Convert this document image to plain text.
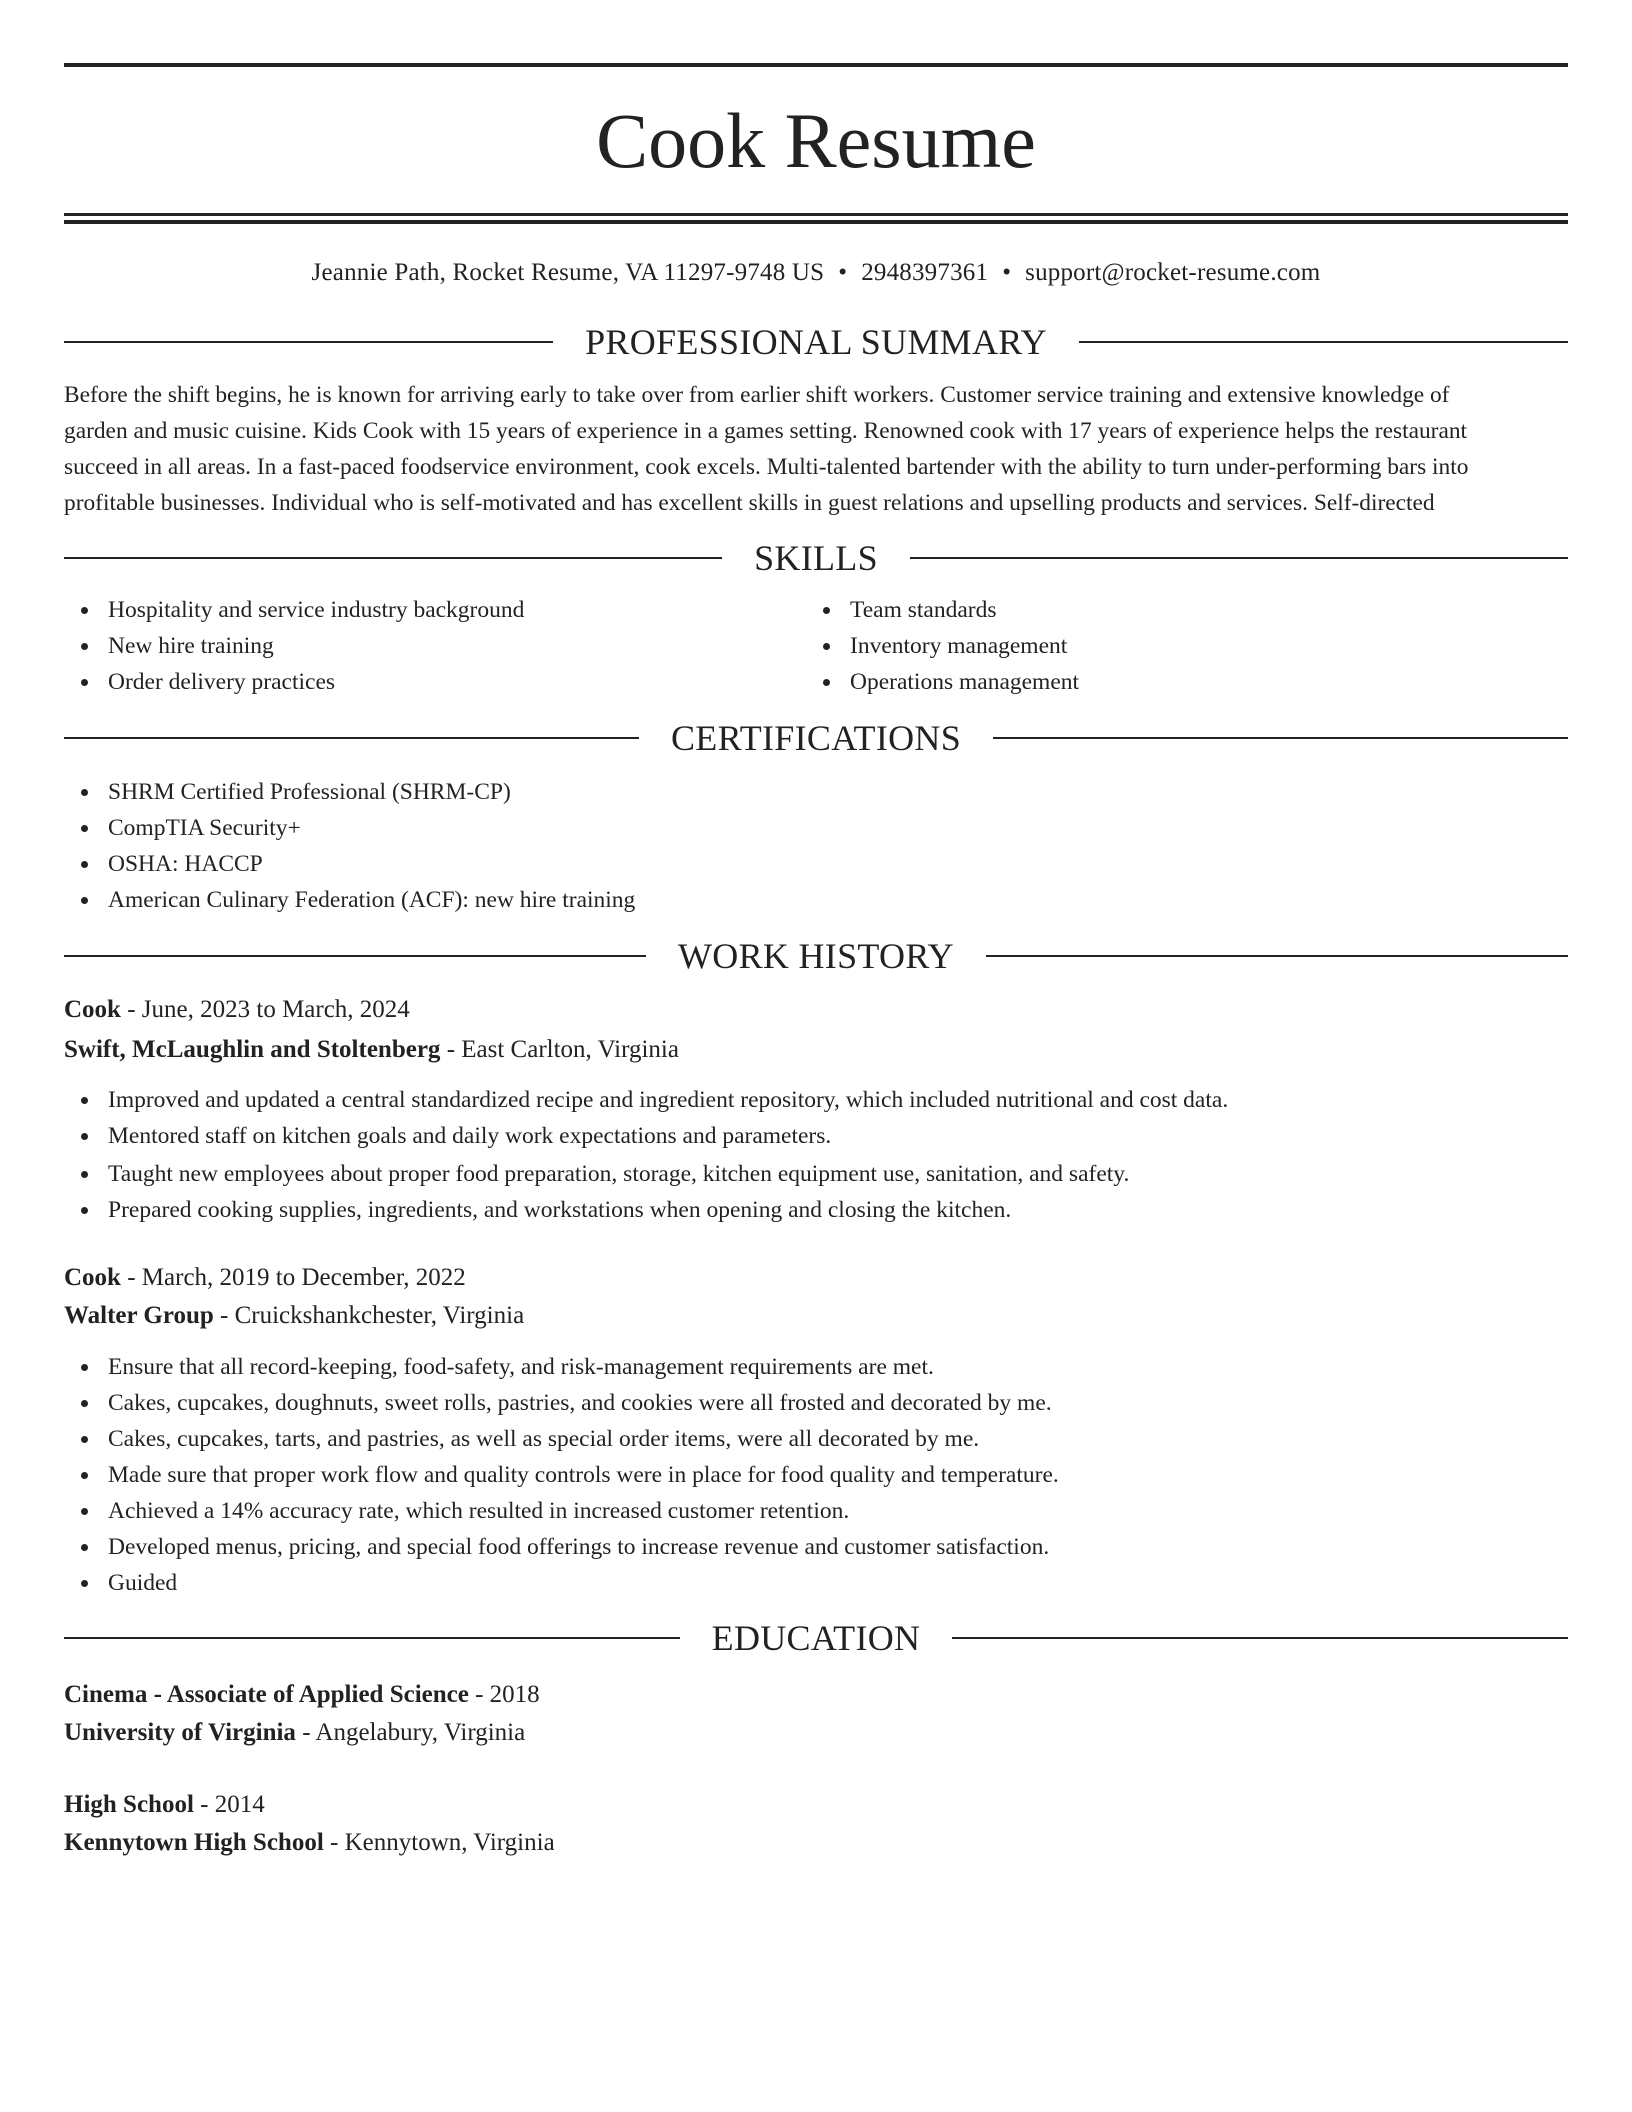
Cook Resume
Jeannie Path, Rocket Resume, VA 11297-9748 US • 2948397361 • support@rocket-resume.com
PROFESSIONAL SUMMARY
Before the shift begins, he is known for arriving early to take over from earlier shift workers. Customer service training and extensive knowledge of
garden and music cuisine. Kids Cook with 15 years of experience in a games setting. Renowned cook with 17 years of experience helps the restaurant
succeed in all areas. In a fast-paced foodservice environment, cook excels. Multi-talented bartender with the ability to turn under-performing bars into
profitable businesses. Individual who is self-motivated and has excellent skills in guest relations and upselling products and services. Self-directed
SKILLS
Hospitality and service industry background
New hire training
Order delivery practices
Team standards
Inventory management
Operations management
CERTIFICATIONS
SHRM Certified Professional (SHRM-CP)
CompTIA Security+
OSHA: HACCP
American Culinary Federation (ACF): new hire training
WORK HISTORY
Cook - June, 2023 to March, 2024
Swift, McLaughlin and Stoltenberg - East Carlton, Virginia
Improved and updated a central standardized recipe and ingredient repository, which included nutritional and cost data.
Mentored staff on kitchen goals and daily work expectations and parameters.
Taught new employees about proper food preparation, storage, kitchen equipment use, sanitation, and safety.
Prepared cooking supplies, ingredients, and workstations when opening and closing the kitchen.
Cook - March, 2019 to December, 2022
Walter Group - Cruickshankchester, Virginia
Ensure that all record-keeping, food-safety, and risk-management requirements are met.
Cakes, cupcakes, doughnuts, sweet rolls, pastries, and cookies were all frosted and decorated by me.
Cakes, cupcakes, tarts, and pastries, as well as special order items, were all decorated by me.
Made sure that proper work flow and quality controls were in place for food quality and temperature.
Achieved a 14% accuracy rate, which resulted in increased customer retention.
Developed menus, pricing, and special food offerings to increase revenue and customer satisfaction.
Guided
EDUCATION
Cinema - Associate of Applied Science - 2018
University of Virginia - Angelabury, Virginia
High School - 2014
Kennytown High School - Kennytown, Virginia
